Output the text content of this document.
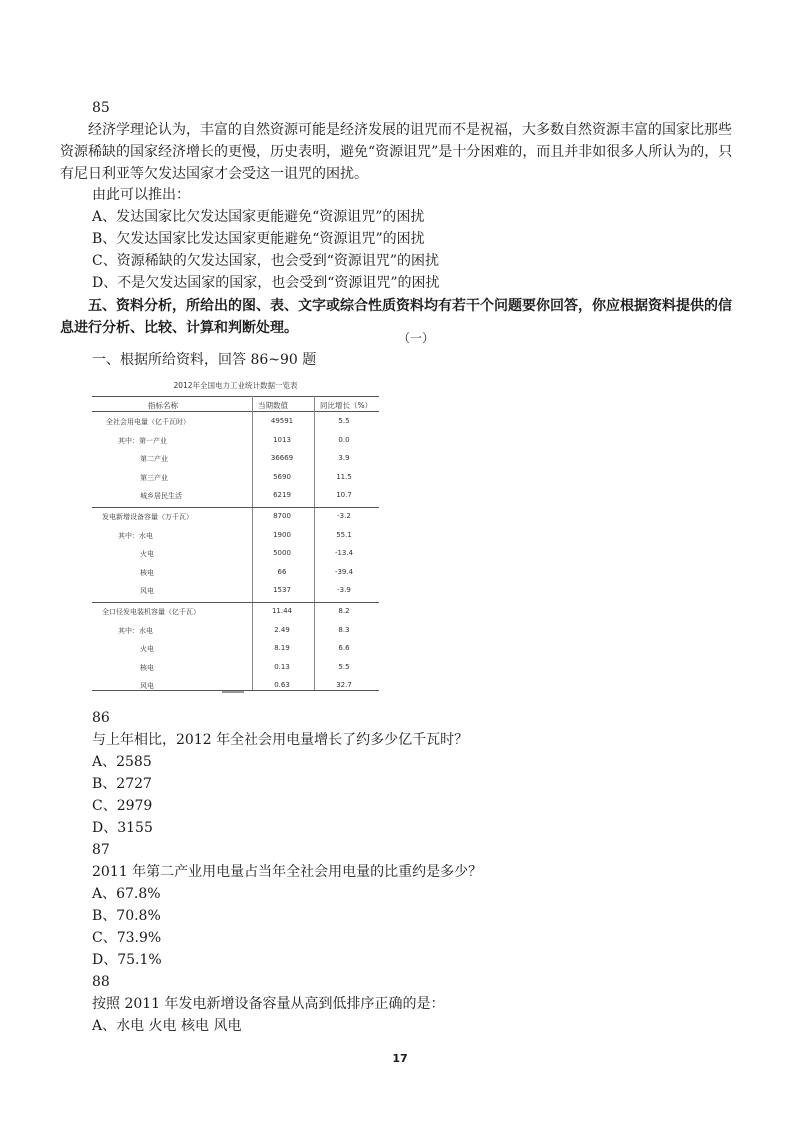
85
经济学理论认为，丰富的自然资源可能是经济发展的诅咒而不是祝福，大多数自然资源丰富的国家比那些资源稀缺的国家经济增长的更慢，历史表明，避免“资源诅咒”是十分困难的，而且并非如很多人所认为的，只有尼日利亚等欠发达国家才会受这一诅咒的困扰。
由此可以推出：
A、发达国家比欠发达国家更能避免“资源诅咒”的困扰
B、欠发达国家比发达国家更能避免“资源诅咒”的困扰
C、资源稀缺的欠发达国家，也会受到“资源诅咒”的困扰
D、不是欠发达国家的国家，也会受到“资源诅咒”的困扰
五、资料分析，所给出的图、表、文字或综合性质资料均有若干个问题要你回答，你应根据资料提供的信息进行分析、比较、计算和判断处理。
（一）
一、根据所给资料，回答 86~90 题
2012年全国电力工业统计数据一览表
指标名称	当期数值	同比增长（%）
全社会用电量（亿千瓦时）	49591	5.5
其中：第一产业	1013	0.0
第二产业	36669	3.9
第三产业	5690	11.5
城乡居民生活	6219	10.7
发电新增设备容量（万千瓦）	8700	-3.2
其中：水电	1900	55.1
火电	5000	-13.4
核电	66	-39.4
风电	1537	-3.9
全口径发电装机容量（亿千瓦）	11.44	8.2
其中：水电	2.49	8.3
火电	8.19	6.6
核电	0.13	5.5
风电	0.63	32.7
86
与上年相比，2012 年全社会用电量增长了约多少亿千瓦时？
A、2585
B、2727
C、2979
D、3155
87
2011 年第二产业用电量占当年全社会用电量的比重约是多少？
A、67.8%
B、70.8%
C、73.9%
D、75.1%
88
按照 2011 年发电新增设备容量从高到低排序正确的是：
A、水电 火电 核电 风电
17
